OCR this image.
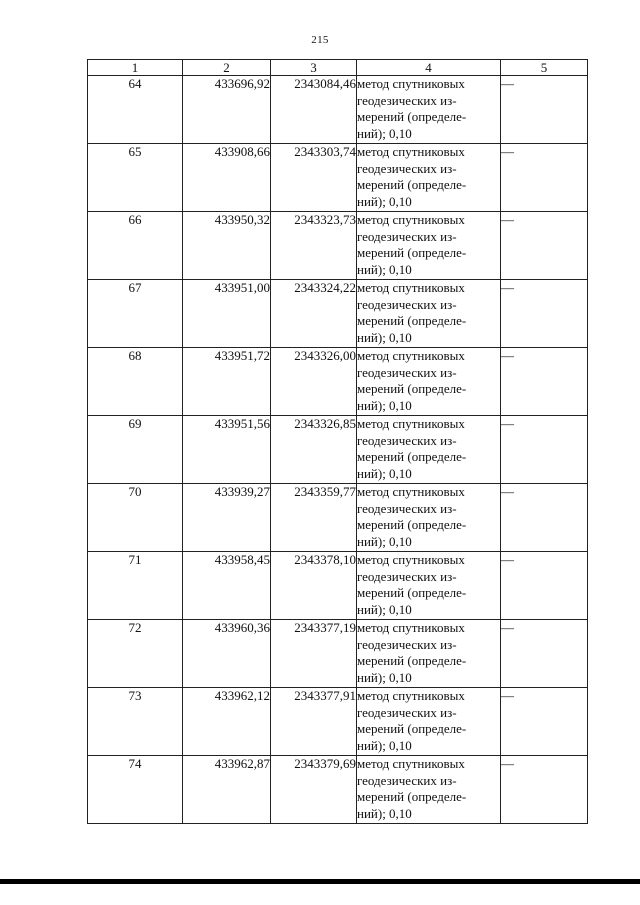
215
1	2	3	4	5
64	433696,92	2343084,46	метод спутниковых
геодезических из-
мерений (определе-
ний); 0,10	—
65	433908,66	2343303,74	метод спутниковых
геодезических из-
мерений (определе-
ний); 0,10	—
66	433950,32	2343323,73	метод спутниковых
геодезических из-
мерений (определе-
ний); 0,10	—
67	433951,00	2343324,22	метод спутниковых
геодезических из-
мерений (определе-
ний); 0,10	—
68	433951,72	2343326,00	метод спутниковых
геодезических из-
мерений (определе-
ний); 0,10	—
69	433951,56	2343326,85	метод спутниковых
геодезических из-
мерений (определе-
ний); 0,10	—
70	433939,27	2343359,77	метод спутниковых
геодезических из-
мерений (определе-
ний); 0,10	—
71	433958,45	2343378,10	метод спутниковых
геодезических из-
мерений (определе-
ний); 0,10	—
72	433960,36	2343377,19	метод спутниковых
геодезических из-
мерений (определе-
ний); 0,10	—
73	433962,12	2343377,91	метод спутниковых
геодезических из-
мерений (определе-
ний); 0,10	—
74	433962,87	2343379,69	метод спутниковых
геодезических из-
мерений (определе-
ний); 0,10	—
